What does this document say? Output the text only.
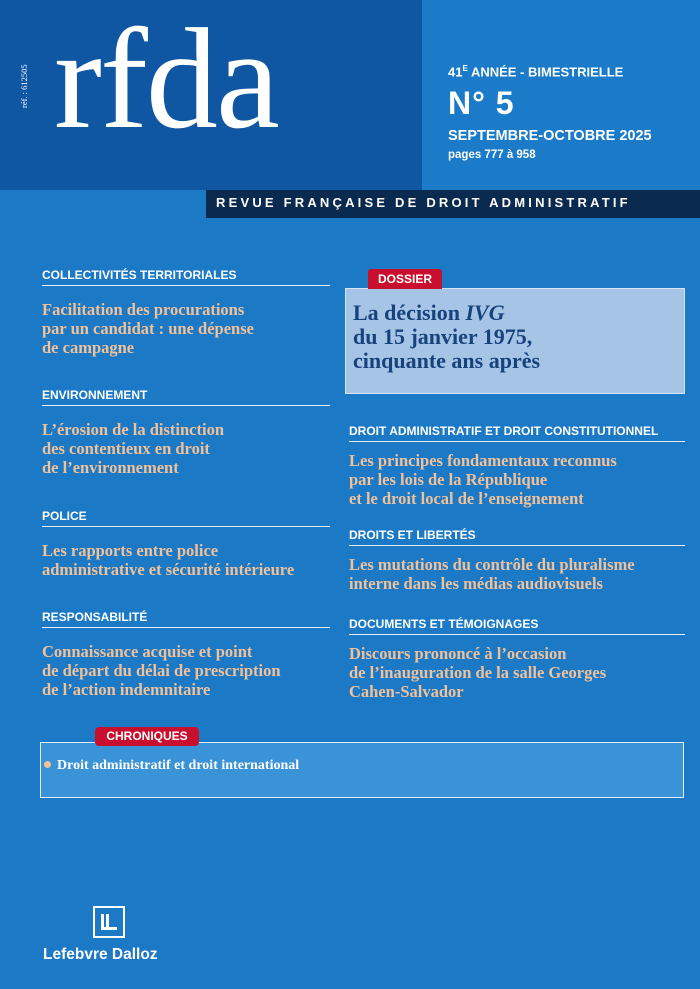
réf. : 612505 rfda	$41^E$ ANNÉE - BIMESTRIELLE
N° 5
SEPTEMBRE-OCTOBRE 2025
pages 777 à 958
REVUE FRANÇAISE DE DROIT ADMINISTRATIF
COLLECTIVITÉS TERRITORIALES
Facilitation des procurations
par un candidat : une dépense
de campagne
ENVIRONNEMENT
L’érosion de la distinction
des contentieux en droit
de l’environnement
POLICE
Les rapports entre police
administrative et sécurité intérieure
RESPONSABILITÉ
Connaissance acquise et point
de départ du délai de prescription
de l’action indemnitaire
DOSSIER
La décision IVG
du 15 janvier 1975,
cinquante ans après
DROIT ADMINISTRATIF ET DROIT CONSTITUTIONNEL
Les principes fondamentaux reconnus
par les lois de la République
et le droit local de l’enseignement
DROITS ET LIBERTÉS
Les mutations du contrôle du pluralisme
interne dans les médias audiovisuels
DOCUMENTS ET TÉMOIGNAGES
Discours prononcé à l’occasion
de l’inauguration de la salle Georges
Cahen-Salvador
CHRONIQUES
Droit administratif et droit international
Lefebvre Dalloz
